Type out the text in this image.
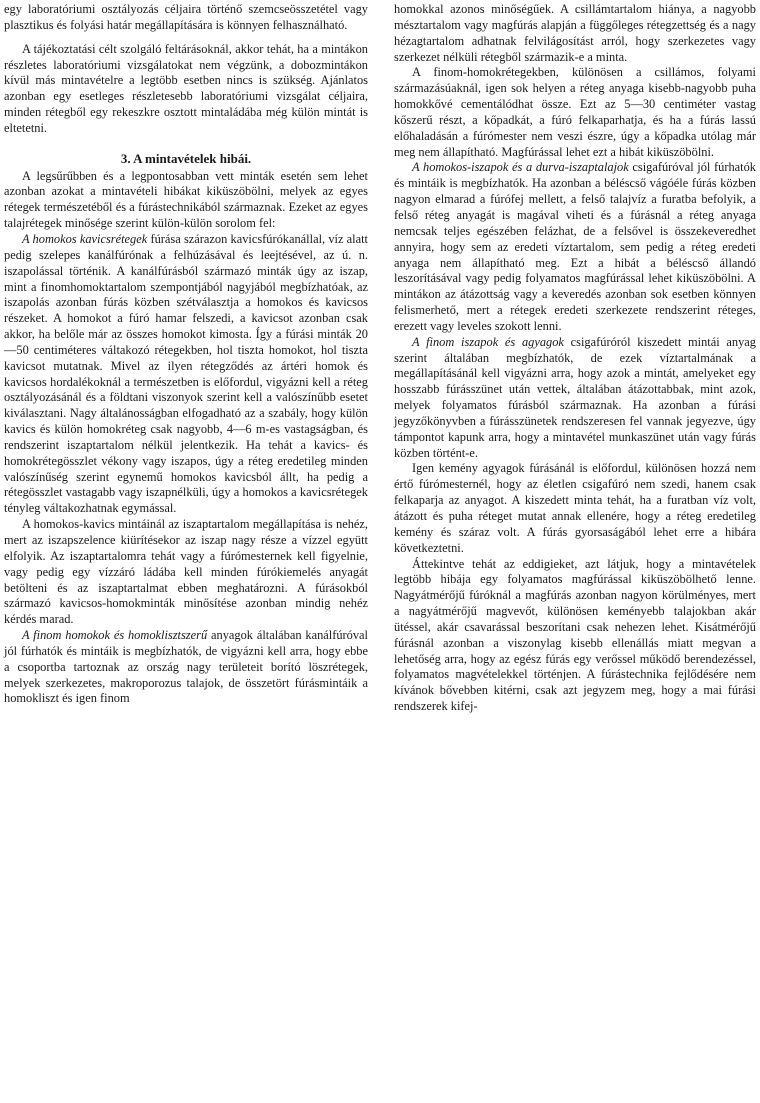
egy laboratóriumi osztályozás céljaira történő szemcseösszetétel vagy plasztikus és folyási határ megállapítására is könnyen felhasználható.

A tájékoztatási célt szolgáló feltárásoknál, akkor tehát, ha a mintákon részletes laboratóriumi vizsgálatokat nem végzünk, a dobozmintákon kívül más mintavételre a legtöbb esetben nincs is szükség. Ajánlatos azonban egy esetleges részletesebb laboratóriumi vizsgálat céljaira, minden rétegből egy rekeszkre osztott mintaládába még külön mintát is eltetetni.

3. A mintavételek hibái.

A legsűrűbben és a legpontosabban vett minták esetén sem lehet azonban azokat a mintavételi hibákat kiküszöbölni, melyek az egyes rétegek természetéből és a fúrástechnikából származnak. Ezeket az egyes talajrétegek minősége szerint külön-külön sorolom fel:

A homokos kavicsrétegek fúrása szárazon kavicsfúrókanállal, víz alatt pedig szelepes kanálfúrónak a felhúzásával és leejtésével, az ú. n. iszapolással történik. A kanálfúrásból származó minták úgy az iszap, mint a finomhomoktartalom szempontjából nagyjából megbízhatóak, az iszapolás azonban fúrás közben szétválasztja a homokos és kavicsos részeket. A homokot a fúró hamar felszedi, a kavicsot azonban csak akkor, ha belőle már az összes homokot kimosta. Így a fúrási minták 20—50 centiméteres váltakozó rétegekben, hol tiszta homokot, hol tiszta kavicsot mutatnak. Mivel az ilyen rétegződés az ártéri homok és kavicsos hordalékoknál a természetben is előfordul, vigyázni kell a réteg osztályozásánál és a földtani viszonyok szerint kell a valószínűbb esetet kiválasztani. Nagy általánosságban elfogadható az a szabály, hogy külön kavics és külön homokréteg csak nagyobb, 4—6 m-es vastagságban, és rendszerint iszaptartalom nélkül jelentkezik. Ha tehát a kavics- és homokrétegösszlet vékony vagy iszapos, úgy a réteg eredetileg minden valószínűség szerint egynemű homokos kavicsból állt, ha pedig a rétegösszlet vastagabb vagy iszapnélküli, úgy a homokos a kavicsrétegek tényleg váltakozhatnak egymással.

A homokos-kavics mintáinál az iszaptartalom megállapítása is nehéz, mert az iszapszelence kiürítésekor az iszap nagy része a vízzel együtt elfolyik. Az iszaptartalomra tehát vagy a fúrómesternek kell figyelnie, vagy pedig egy vízzáró ládába kell minden fúrókiemelés anyagát betölteni és az iszaptartalmat ebben meghatározni. A fúrásokból származó kavicsos-homokminták minősítése azonban mindig nehéz kérdés marad.

A finom homokok és homoklisztszerű anyagok általában kanálfúróval jól fúrhatók és mintáik is megbízhatók, de vigyázni kell arra, hogy ebbe a csoportba tartoznak az ország nagy területeit borító löszrétegek, melyek szerkezetes, makroporozus talajok, de összetört fúrásmintáik a homokliszt és igen finom

homokkal azonos minőségűek. A csillámtartalom hiánya, a nagyobb mésztartalom vagy magfúrás alapján a függőleges rétegzettség és a nagy hézagtartalom adhatnak felvilágosítást arról, hogy szerkezetes vagy szerkezet nélküli rétegből származik-e a minta.

A finom-homokrétegekben, különösen a csillámos, folyami származásúaknál, igen sok helyen a réteg anyaga kisebb-nagyobb puha homokkővé cementálódhat össze. Ezt az 5—30 centiméter vastag kőszerű részt, a kőpadkát, a fúró felkaparhatja, és ha a fúrás lassú előhaladásán a fúrómester nem veszi észre, úgy a kőpadka utólag már meg nem állapítható. Magfúrással lehet ezt a hibát kiküszöbölni.

A homokos-iszapok és a durva-iszaptalajok csigafúróval jól fúrhatók és mintáik is megbízhatók. Ha azonban a bélésсső vágóéle fúrás közben nagyon elmarad a fúrófej mellett, a felső talajvíz a furatba befolyik, a felső réteg anyagát is magával viheti és a fúrásnál a réteg anyaga nemcsak teljes egészében felázhat, de a felsővel is összekeveredhet annyira, hogy sem az eredeti víztartalom, sem pedig a réteg eredeti anyaga nem állapítható meg. Ezt a hibát a béléscső állandó leszorításával vagy pedig folyamatos magfúrással lehet kiküszöbölni. A mintákon az átázottság vagy a keveredés azonban sok esetben könnyen felismerhető, mert a rétegek eredeti szerkezete rendszerint réteges, erezett vagy leveles szokott lenni.

A finom iszapok és agyagok csigafúróról kiszedett mintái anyag szerint általában megbízhatók, de ezek víztartalmának a megállapításánál kell vigyázni arra, hogy azok a mintát, amelyeket egy hosszabb fúrásszünet után vettek, általában átázottabbak, mint azok, melyek folyamatos fúrásból származnak. Ha azonban a fúrási jegyzőkönyvben a fúrásszünetek rendszeresen fel vannak jegyezve, úgy támpontot kapunk arra, hogy a mintavétel munkaszünet után vagy fúrás közben történt-e.

Igen kemény agyagok fúrásánál is előfordul, különösen hozzá nem értő fúrómesternél, hogy az életlen csigafúró nem szedi, hanem csak felkaparja az anyagot. A kiszedett minta tehát, ha a furatban víz volt, átázott és puha réteget mutat annak ellenére, hogy a réteg eredetileg kemény és száraz volt. A fúrás gyorsaságából lehet erre a hibára következtetni.

Áttekintve tehát az eddigieket, azt látjuk, hogy a mintavételek legtöbb hibája egy folyamatos magfúrással kiküszöbölhető lenne. Nagyátmérőjű fúróknál a magfúrás azonban nagyon körülményes, mert a nagyátmérőjű magvevőt, különösen keményebb talajokban akár ütéssel, akár csavarással beszorítani csak nehezen lehet. Kisátmérőjű fúrásnál azonban a viszonylag kisebb ellenállás miatt megvan a lehetőség arra, hogy az egész fúrás egy verőssel működő berendezéssel, folyamatos magvételekkel történjen. A fúrástechnika fejlődésére nem kívánok bővebben kitérni, csak azt jegyzem meg, hogy a mai fúrási rendszerek kifej-
